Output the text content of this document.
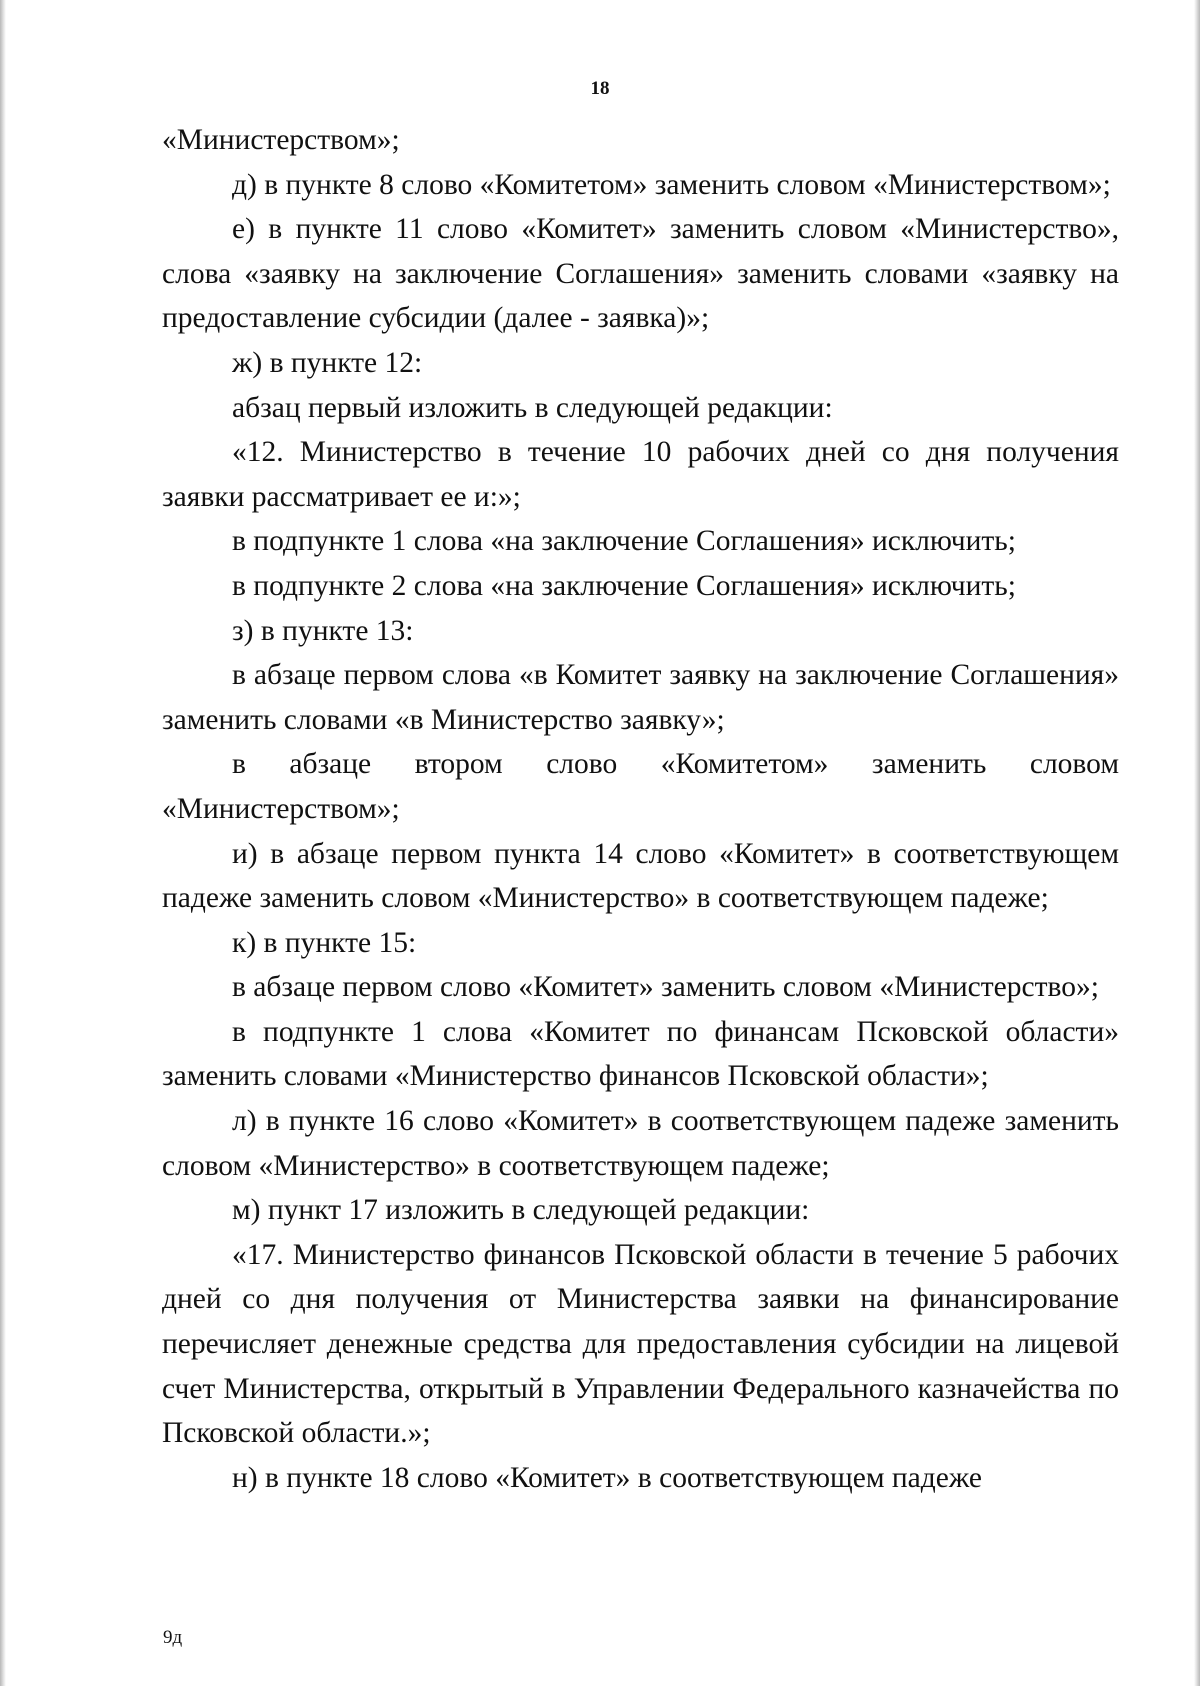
18

«Министерством»;

д) в пункте 8 слово «Комитетом» заменить словом «Министерством»;

е) в пункте 11 слово «Комитет» заменить словом «Министерство», слова «заявку на заключение Соглашения» заменить словами «заявку на предоставление субсидии (далее - заявка)»;

ж) в пункте 12:

абзац первый изложить в следующей редакции:

«12. Министерство в течение 10 рабочих дней со дня получения заявки рассматривает ее и:»;

в подпункте 1 слова «на заключение Соглашения» исключить;

в подпункте 2 слова «на заключение Соглашения» исключить;

з) в пункте 13:

в абзаце первом слова «в Комитет заявку на заключение Соглашения» заменить словами «в Министерство заявку»;

в абзаце втором слово «Комитетом» заменить словом «Министерством»;

и) в абзаце первом пункта 14 слово «Комитет» в соответствующем падеже заменить словом «Министерство» в соответствующем падеже;

к) в пункте 15:

в абзаце первом слово «Комитет» заменить словом «Министерство»;

в подпункте 1 слова «Комитет по финансам Псковской области» заменить словами «Министерство финансов Псковской области»;

л) в пункте 16 слово «Комитет» в соответствующем падеже заменить словом «Министерство» в соответствующем падеже;

м) пункт 17 изложить в следующей редакции:

«17. Министерство финансов Псковской области в течение 5 рабочих дней со дня получения от Министерства заявки на финансирование перечисляет денежные средства для предоставления субсидии на лицевой счет Министерства, открытый в Управлении Федерального казначейства по Псковской области.»;

н) в пункте 18 слово «Комитет» в соответствующем падеже

9д
